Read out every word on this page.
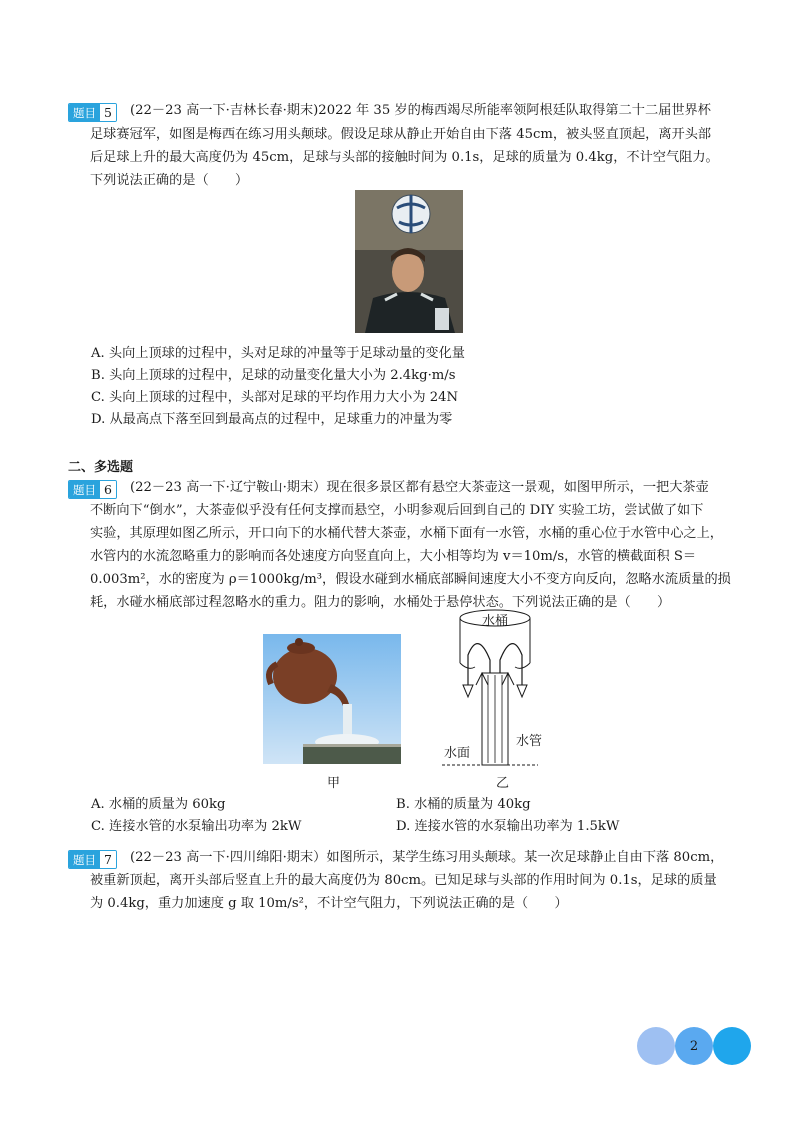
题目 5	(22－23 高一下·吉林长春·期末)2022 年 35 岁的梅西竭尽所能率领阿根廷队取得第二十二届世界杯
足球赛冠军，如图是梅西在练习用头颠球。假设足球从静止开始自由下落 45cm，被头竖直顶起，离开头部
后足球上升的最大高度仍为 45cm，足球与头部的接触时间为 0.1s，足球的质量为 0.4kg，不计空气阻力。
下列说法正确的是（　　）
A. 头向上顶球的过程中，头对足球的冲量等于足球动量的变化量
B. 头向上顶球的过程中，足球的动量变化量大小为 2.4kg·m/s
C. 头向上顶球的过程中，头部对足球的平均作用力大小为 24N
D. 从最高点下落至回到最高点的过程中，足球重力的冲量为零
二、多选题
题目 6	(22－23 高一下·辽宁鞍山·期末）现在很多景区都有悬空大茶壶这一景观，如图甲所示，一把大茶壶
不断向下“倒水”，大茶壶似乎没有任何支撑而悬空，小明参观后回到自己的 DIY 实验工坊，尝试做了如下
实验，其原理如图乙所示，开口向下的水桶代替大茶壶，水桶下面有一水管，水桶的重心位于水管中心之上，
水管内的水流忽略重力的影响而各处速度方向竖直向上，大小相等均为 v＝10m/s，水管的横截面积 S＝
0.003m²，水的密度为 ρ＝1000kg/m³，假设水碰到水桶底部瞬间速度大小不变方向反向，忽略水流质量的损
耗，水碰水桶底部过程忽略水的重力。阻力的影响，水桶处于悬停状态。下列说法正确的是（　　）
甲
水桶
水管
水面
乙
A. 水桶的质量为 60kg	B. 水桶的质量为 40kg
C. 连接水管的水泵输出功率为 2kW	D. 连接水管的水泵输出功率为 1.5kW
题目 7	(22－23 高一下·四川绵阳·期末）如图所示，某学生练习用头颠球。某一次足球静止自由下落 80cm，
被重新顶起，离开头部后竖直上升的最大高度仍为 80cm。已知足球与头部的作用时间为 0.1s，足球的质量
为 0.4kg，重力加速度 g 取 10m/s²，不计空气阻力，下列说法正确的是（　　）
2
